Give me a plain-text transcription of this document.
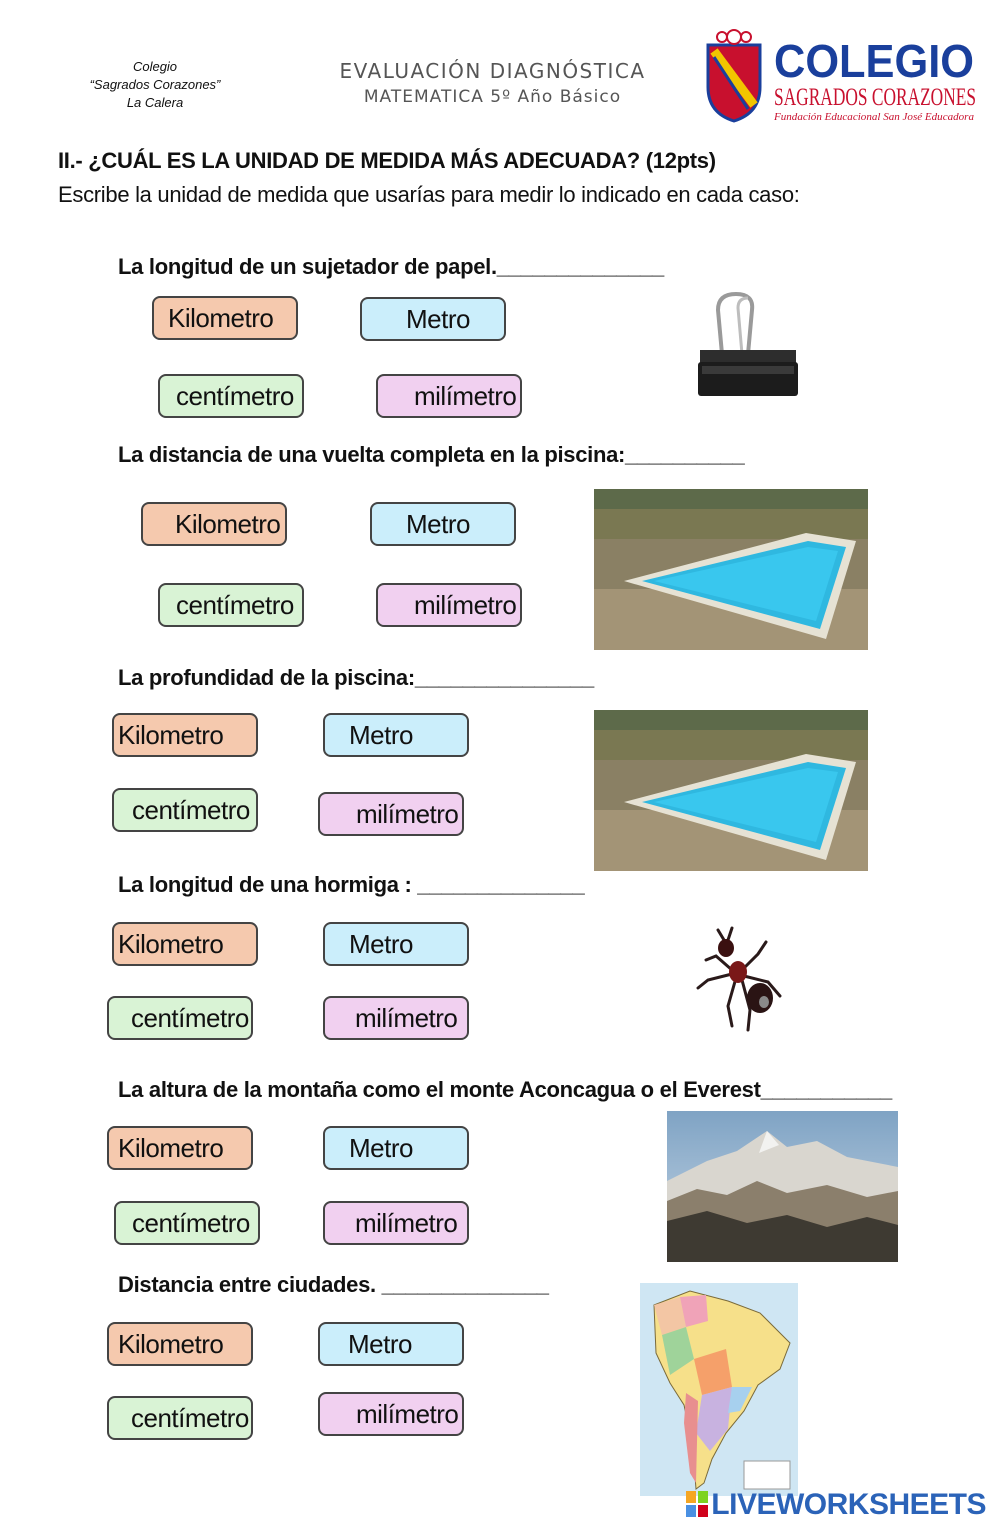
Colegio
“Sagrados Corazones”
La Calera
EVALUACIÓN DIAGNÓSTICA
MATEMATICA 5º Año Básico
COLEGIO
SAGRADOS CORAZONES
Fundación Educacional San José Educadora
II.- ¿CUÁL ES LA UNIDAD DE MEDIDA MÁS ADECUADA? (12pts)
Escribe la unidad de medida que usarías para medir lo indicado en cada caso:
La longitud de un sujetador de papel.______________
Kilometro	Metro
centímetro	milímetro
La distancia de una vuelta completa en la piscina:__________
Kilometro	Metro
centímetro	milímetro
La profundidad de la piscina:_______________
Kilometro	Metro
centímetro	milímetro
La longitud de una hormiga : ______________
Kilometro	Metro
centímetro	milímetro
La altura de la montaña como el monte Aconcagua o el Everest___________
Kilometro	Metro
centímetro	milímetro
Distancia entre ciudades. ______________
Kilometro	Metro
centímetro	milímetro
LIVEWORKSHEETS
